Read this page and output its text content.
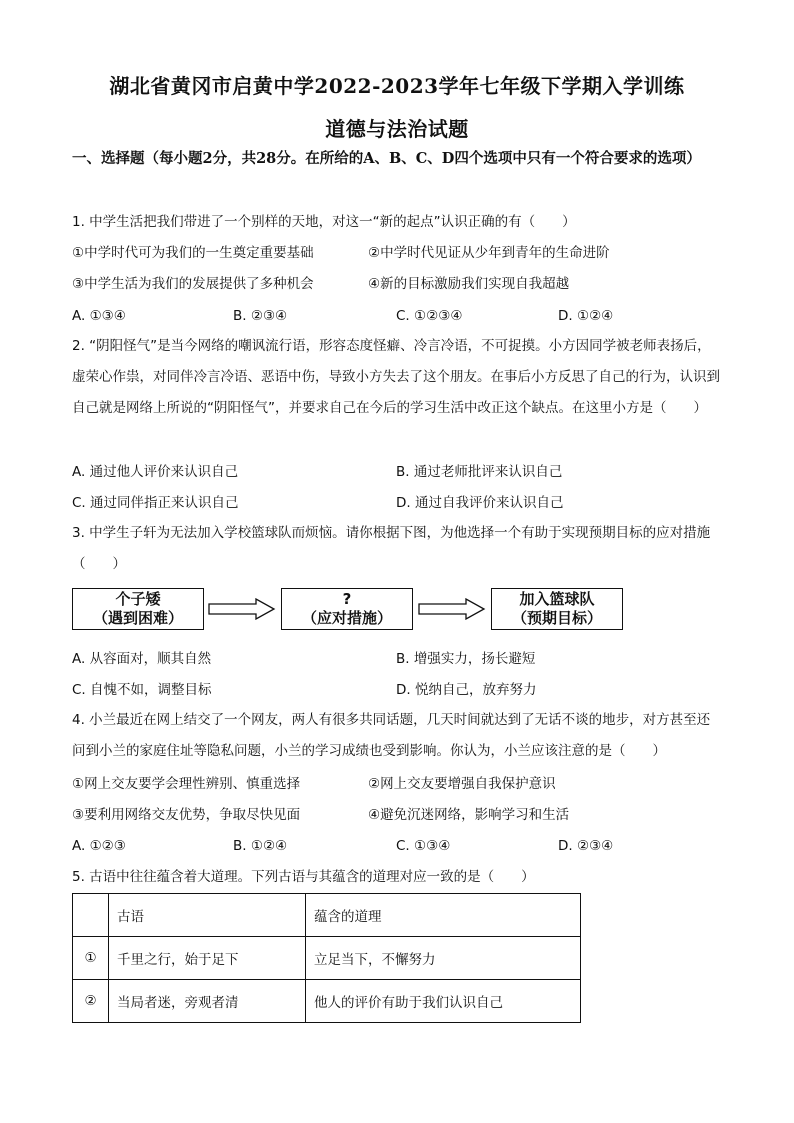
湖北省黄冈市启黄中学2022-2023学年七年级下学期入学训练
道德与法治试题
一、选择题（每小题2分，共28分。在所给的A、B、C、D四个选项中只有一个符合要求的选项）
1. 中学生活把我们带进了一个别样的天地，对这一“新的起点”认识正确的有（　　）
①中学时代可为我们的一生奠定重要基础	②中学时代见证从少年到青年的生命进阶
③中学生活为我们的发展提供了多种机会	④新的目标激励我们实现自我超越
A. ①③④	B. ②③④	C. ①②③④	D. ①②④
2. “阴阳怪气”是当今网络的嘲讽流行语，形容态度怪癖、冷言冷语，不可捉摸。小方因同学被老师表扬后，虚荣心作祟，对同伴冷言冷语、恶语中伤，导致小方失去了这个朋友。在事后小方反思了自己的行为，认识到自己就是网络上所说的“阴阳怪气”，并要求自己在今后的学习生活中改正这个缺点。在这里小方是（　　）
A. 通过他人评价来认识自己	B. 通过老师批评来认识自己
C. 通过同伴指正来认识自己	D. 通过自我评价来认识自己
3. 中学生子轩为无法加入学校篮球队而烦恼。请你根据下图，为他选择一个有助于实现预期目标的应对措施（　　）
个子矮
（遇到困难）
?
（应对措施）
加入篮球队
（预期目标）
A. 从容面对，顺其自然	B. 增强实力，扬长避短
C. 自愧不如，调整目标	D. 悦纳自己，放弃努力
4. 小兰最近在网上结交了一个网友，两人有很多共同话题，几天时间就达到了无话不谈的地步，对方甚至还问到小兰的家庭住址等隐私问题，小兰的学习成绩也受到影响。你认为，小兰应该注意的是（　　）
①网上交友要学会理性辨别、慎重选择	②网上交友要增强自我保护意识
③要利用网络交友优势，争取尽快见面	④避免沉迷网络，影响学习和生活
A. ①②③	B. ①②④	C. ①③④	D. ②③④
5. 古语中往往蕴含着大道理。下列古语与其蕴含的道理对应一致的是（　　）
	古语	蕴含的道理
①	千里之行，始于足下	立足当下，不懈努力
②	当局者迷，旁观者清	他人的评价有助于我们认识自己
